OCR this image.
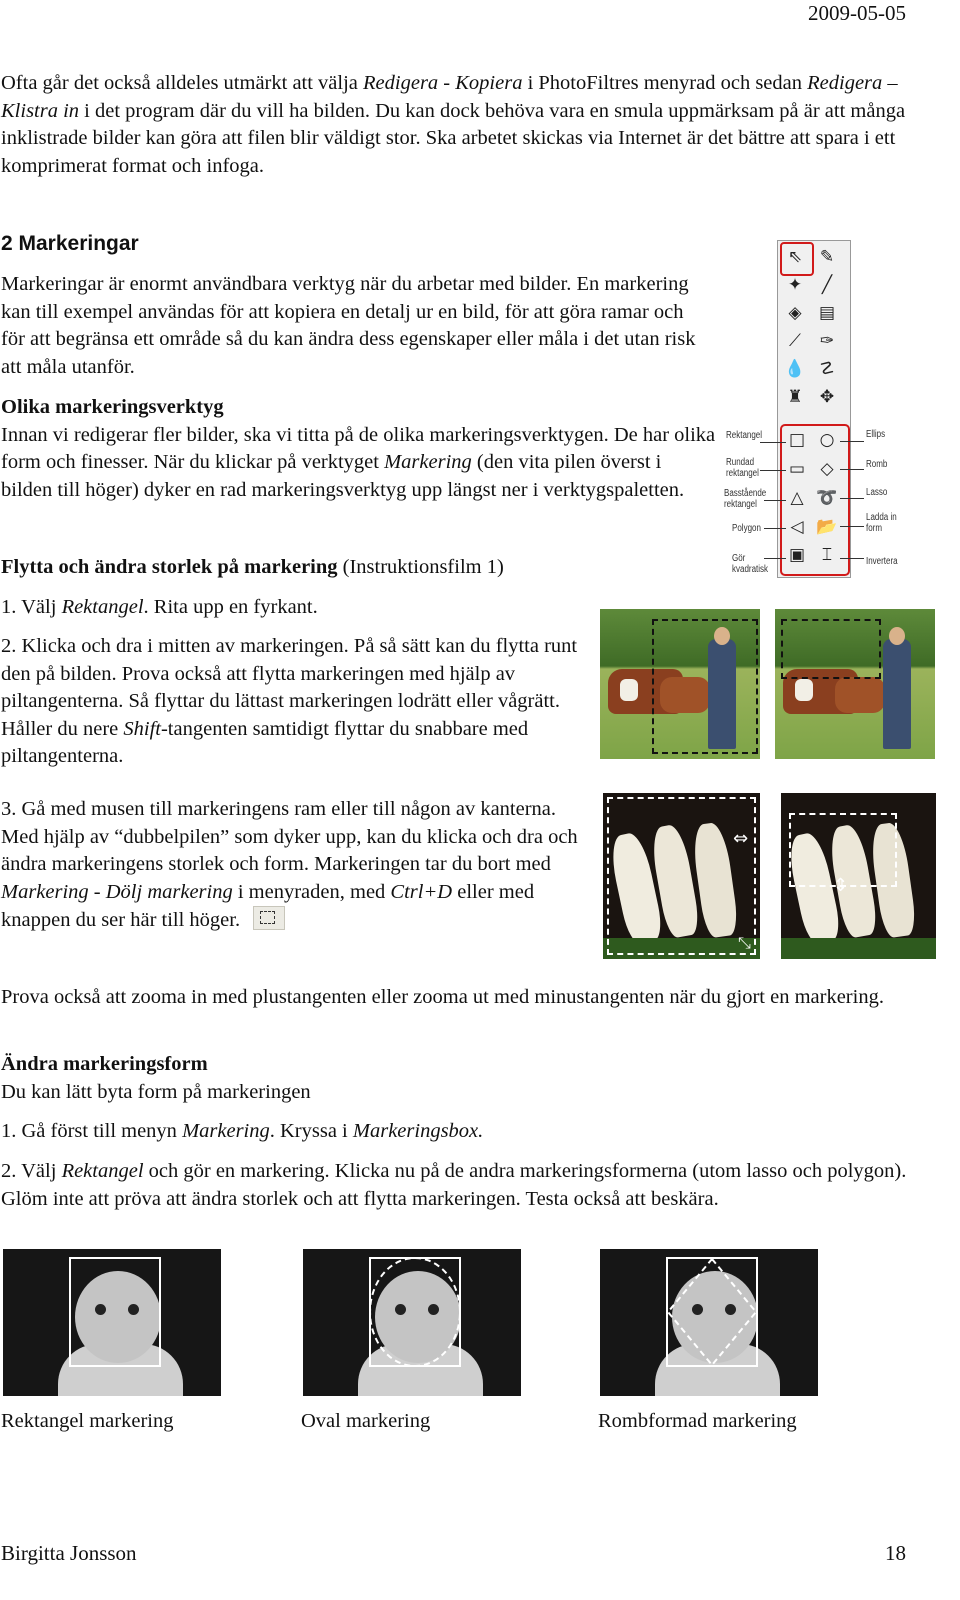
2009-05-05
Ofta går det också alldeles utmärkt att välja Redigera - Kopiera i PhotoFiltres menyrad och sedan Redigera – Klistra in i det program där du vill ha bilden. Du kan dock behöva vara en smula uppmärksam på är att många inklistrade bilder kan göra att filen blir väldigt stor. Ska arbetet skickas via Internet är det bättre att spara i ett komprimerat format och infoga.
2 Markeringar
Markeringar är enormt användbara verktyg när du arbetar med bilder. En markering kan till exempel användas för att kopiera en detalj ur en bild, för att göra ramar och för att begränsa ett område så du kan ändra dess egenskaper eller måla i det utan risk att måla utanför.
Olika markeringsverktyg
Innan vi redigerar fler bilder, ska vi titta på de olika markeringsverktygen. De har olika form och finesser. När du klickar på verktyget Markering (den vita pilen överst i bilden till höger) dyker en rad markeringsverktyg upp längst ner i verktygspaletten.
⇖ ✎
✦	╱
◈	▤
⟋	✑
💧 ☡
♜ ✥
□ ○
▭ ◇
△ ➰
◁ 📂
▣ ⌶
Rektangel
Rundad rektangel
Basstående rektangel
Polygon
Gör kvadratisk
Ellips
Romb
Lasso
Ladda in form
Invertera
Flytta och ändra storlek på markering (Instruktionsfilm 1)
1. Välj Rektangel. Rita upp en fyrkant.
2. Klicka och dra i mitten av markeringen. På så sätt kan du flytta runt den på bilden. Prova också att flytta markeringen med hjälp av piltangenterna. Så flyttar du lättast markeringen lodrätt eller vågrätt. Håller du nere Shift-tangenten samtidigt flyttar du snabbare med piltangenterna.
3. Gå med musen till markeringens ram eller till någon av kanterna. Med hjälp av “dubbelpilen” som dyker upp, kan du klicka och dra och ändra markeringens storlek och form. Markeringen tar du bort med Markering - Dölj markering i menyraden, med Ctrl+D eller med knappen du ser här till höger.
⇔
⤡
⇕
Prova också att zooma in med plustangenten eller zooma ut med minustangenten när du gjort en markering.
Ändra markeringsform
Du kan lätt byta form på markeringen
1. Gå först till menyn Markering. Kryssa i Markeringsbox.
2. Välj Rektangel och gör en markering. Klicka nu på de andra markeringsformerna (utom lasso och polygon). Glöm inte att pröva att ändra storlek och att flytta markeringen. Testa också att beskära.
Rektangel markering	Oval markering	Rombformad markering
Birgitta Jonsson	18
